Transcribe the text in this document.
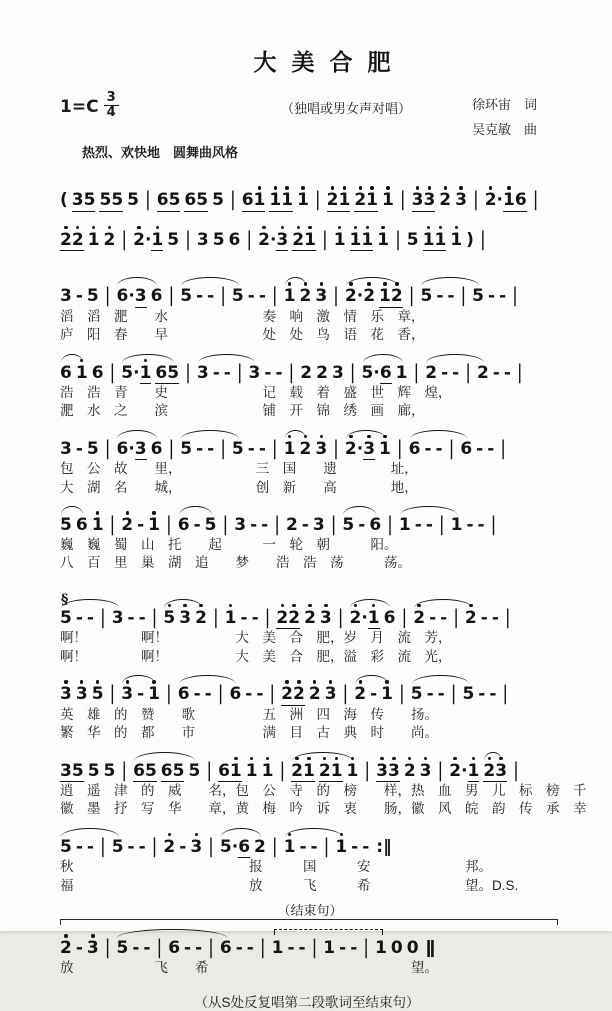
大美合肥
$1=C \frac{3}{4}$	（独唱或男女声对唱）	徐环宙　词
吴克敏　曲
热烈、欢快地　圆舞曲风格
( 35 55 5 | 65 65 5 | 61 11 1 | 21 21 1 | 33 2 3 | 2·16 |
22 1 2 | 2·1 5 | 3 5 6 | 2·3 21 | 1 11 1 | 5 11 1 ) |
3 - 5 | 6·3 6 | 5 - - | 5 - - | 1 2 3 | 2·2 12 | 5 - - | 5 - - |

滔　滔　淝　　水　　　　　　　奏　响　激　情　乐　章，

庐　阳　春　　早　　　　　　　处　处　鸟　语　花　香，

6 1 6 | 5·1 65 | 3 - - | 3 - - | 2 2 3 | 5·6 1 | 2 - - | 2 - - |

浩　浩　青　　史　　　　　　　记　载　着　盛　世　辉　煌，

淝　水　之　　滨　　　　　　　铺　开　锦　绣　画　廊，

3 - 5 | 6·3 6 | 5 - - | 5 - - | 1 2 3 | 2·3 1 | 6 - - | 6 - - |

包　公　故　　里，　　　　　　三　国　　遗　　　　址，

大　湖　名　　城，　　　　　　创　新　　高　　　　地，

5 6 1 | 2 - 1 | 6 - 5 | 3 - - | 2 - 3 | 5 - 6 | 1 - - | 1 - - |

巍　巍　蜀　山　托　　起　　　一　轮　朝　　　阳。

八　百　里　巢　湖　追　　梦　　浩　浩　荡　　　荡。

5 - - | 3 - - | 5 3 2 | 1 - - | 22 2 3 | 2·1 6 | 2 - - | 2 - - |
§

啊！　　　　啊！　　　　　大　美　合　肥，岁　月　流　芳，

啊！　　　　啊！　　　　　大　美　合　肥，溢　彩　流　光，

3 3 5 | 3 - 1 | 6 - - | 6 - - | 22 2 3 | 2 - 1 | 5 - - | 5 - - |

英　雄　的　赞　　歌　　　　　五　洲　四　海　传　　扬。

繁　华　的　都　　市　　　　　满　目　古　典　时　　尚。

35 5 5 | 65 65 5 | 61 1 1 | 21 21 1 | 33 2 3 | 2·1 23 |

逍　遥　津　的　威　　名，包　公　寺　的　榜　　样，热　血　男　儿　标　榜　千

徽　墨　抒　写　华　　章，黄　梅　吟　诉　衷　　肠，徽　风　皖　韵　传　承　幸

5 - - | 5 - - | 2 - 3 | 5·6 2 | 1 - - | 1 - - :‖

秋　　　　　　　　　　　　　报　　　国　　　安　　　　　　　邦。

福　　　　　　　　　　　　　放　　　飞　　　希　　　　　　　望。D.S.

（结束句）
2 - 3 | 5 - - | 6 - - | 6 - - | 1 - - | 1 - - | 1 0 0 ‖

放　　　　　　飞　　希　　　　　　　　　　　　　　　望。

（从S处反复唱第二段歌词至结束句）
